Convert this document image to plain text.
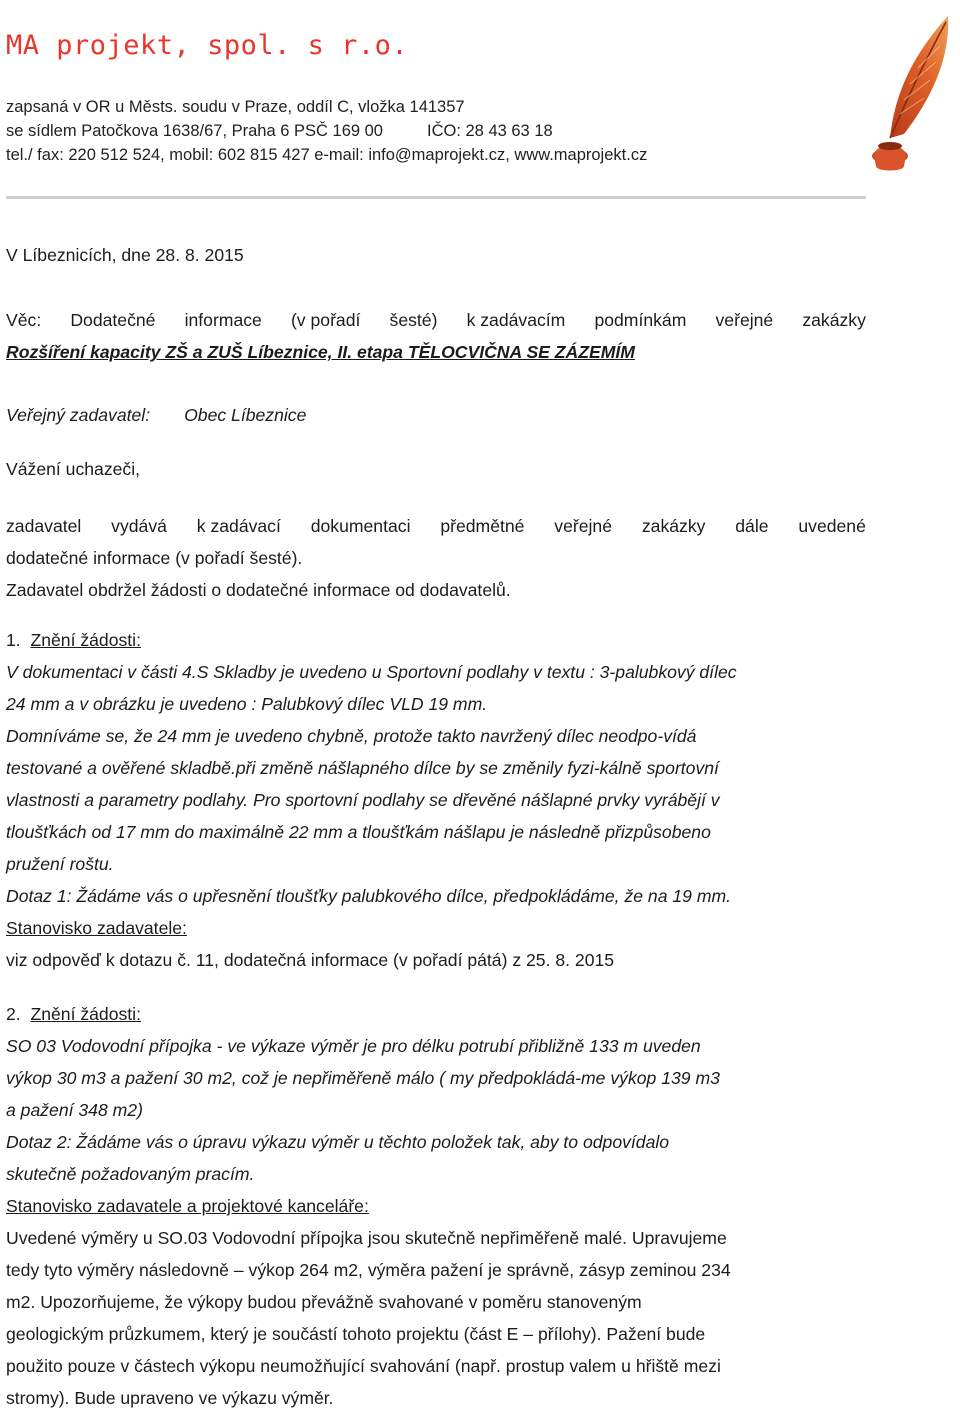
MA projekt, spol. s r.o.
zapsaná v OR u Městs. soudu v Praze, oddíl C, vložka 141357
se sídlem Patočkova 1638/67, Praha 6 PSČ 169 00	IČO: 28 43 63 18
tel./ fax: 220 512 524, mobil: 602 815 427 e-mail: info@maprojekt.cz, www.maprojekt.cz
V Líbeznicích, dne 28. 8. 2015
Věc: Dodatečné informace (v pořadí šesté) k zadávacím podmínkám veřejné zakázky
Rozšíření kapacity ZŠ a ZUŠ Líbeznice, II. etapa TĚLOCVIČNA SE ZÁZEMÍM
Veřejný zadavatel: Obec Líbeznice
Vážení uchazeči,
zadavatel vydává k zadávací dokumentaci předmětné veřejné zakázky dále uvedené
dodatečné informace (v pořadí šesté).
Zadavatel obdržel žádosti o dodatečné informace od dodavatelů.
1. Znění žádosti:
V dokumentaci v části 4.S Skladby je uvedeno u Sportovní podlahy v textu : 3-palubkový dílec
24 mm a v obrázku je uvedeno : Palubkový dílec VLD 19 mm.
Domníváme se, že 24 mm je uvedeno chybně, protože takto navržený dílec neodpo-vídá
testované a ověřené skladbě.při změně nášlapného dílce by se změnily fyzi-kálně sportovní
vlastnosti a parametry podlahy. Pro sportovní podlahy se dřevěné nášlapné prvky vyrábějí v
tloušťkách od 17 mm do maximálně 22 mm a tloušťkám nášlapu je následně přizpůsobeno
pružení roštu.
Dotaz 1: Žádáme vás o upřesnění tloušťky palubkového dílce, předpokládáme, že na 19 mm.
Stanovisko zadavatele:
viz odpověď k dotazu č. 11, dodatečná informace (v pořadí pátá) z 25. 8. 2015
2. Znění žádosti:
SO 03 Vodovodní přípojka - ve výkaze výměr je pro délku potrubí přibližně 133 m uveden
výkop 30 m3 a pažení 30 m2, což je nepřiměřeně málo ( my předpokládá-me výkop 139 m3
a pažení 348 m2)
Dotaz 2: Žádáme vás o úpravu výkazu výměr u těchto položek tak, aby to odpovídalo
skutečně požadovaným pracím.
Stanovisko zadavatele a projektové kanceláře:
Uvedené výměry u SO.03 Vodovodní přípojka jsou skutečně nepřiměřeně malé. Upravujeme
tedy tyto výměry následovně – výkop 264 m2, výměra pažení je správně, zásyp zeminou 234
m2. Upozorňujeme, že výkopy budou převážně svahované v poměru stanoveným
geologickým průzkumem, který je součástí tohoto projektu (část E – přílohy). Pažení bude
použito pouze v částech výkopu neumožňující svahování (např. prostup valem u hřiště mezi
stromy). Bude upraveno ve výkazu výměr.
